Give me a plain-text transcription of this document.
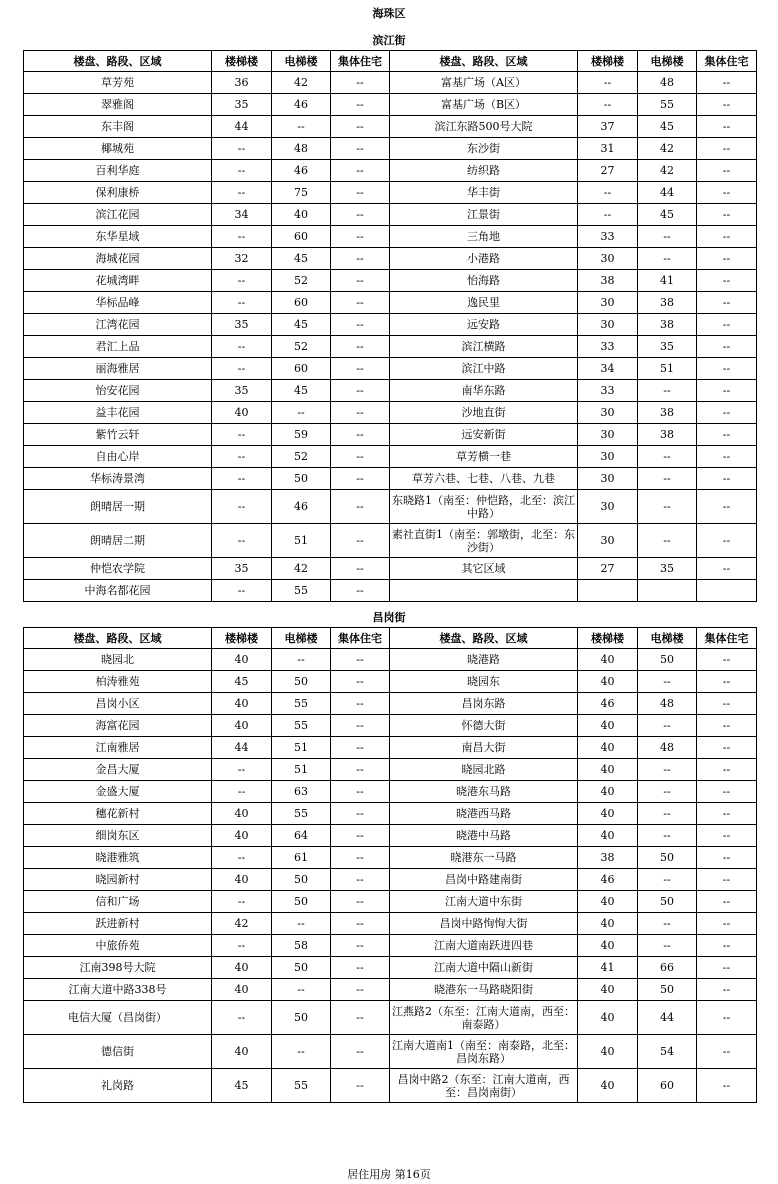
海珠区
滨江街
楼盘、路段、区域	楼梯楼	电梯楼	集体住宅	楼盘、路段、区域	楼梯楼	电梯楼	集体住宅
草芳苑	36	42	--	富基广场（A区）	--	48	--
翠雅阁	35	46	--	富基广场（B区）	--	55	--
东丰阁	44	--	--	滨江东路500号大院	37	45	--
椰城苑	--	48	--	东沙街	31	42	--
百利华庭	--	46	--	纺织路	27	42	--
保利康桥	--	75	--	华丰街	--	44	--
滨江花园	34	40	--	江景街	--	45	--
东华星域	--	60	--	三角地	33	--	--
海城花园	32	45	--	小港路	30	--	--
花城湾畔	--	52	--	怡海路	38	41	--
华标品峰	--	60	--	逸民里	30	38	--
江湾花园	35	45	--	远安路	30	38	--
君汇上品	--	52	--	滨江横路	33	35	--
丽海雅居	--	60	--	滨江中路	34	51	--
怡安花园	35	45	--	南华东路	33	--	--
益丰花园	40	--	--	沙地直街	30	38	--
紫竹云轩	--	59	--	远安新街	30	38	--
自由心岸	--	52	--	草芳横一巷	30	--	--
华标涛景湾	--	50	--	草芳六巷、七巷、八巷、九巷	30	--	--
朗晴居一期	--	46	--	东晓路1（南至：仲恺路，北至：滨江中路）	30	--	--
朗晴居二期	--	51	--	素社直街1（南至：郭墩街，北至：东沙街）	30	--	--
仲恺农学院	35	42	--	其它区域	27	35	--
中海名都花园	--	55	--				
昌岗街
楼盘、路段、区域	楼梯楼	电梯楼	集体住宅	楼盘、路段、区域	楼梯楼	电梯楼	集体住宅
晓园北	40	--	--	晓港路	40	50	--
柏涛雅苑	45	50	--	晓园东	40	--	--
昌岗小区	40	55	--	昌岗东路	46	48	--
海富花园	40	55	--	怀德大街	40	--	--
江南雅居	44	51	--	南昌大街	40	48	--
金昌大厦	--	51	--	晓园北路	40	--	--
金盛大厦	--	63	--	晓港东马路	40	--	--
穗花新村	40	55	--	晓港西马路	40	--	--
细岗东区	40	64	--	晓港中马路	40	--	--
晓港雅筑	--	61	--	晓港东一马路	38	50	--
晓园新村	40	50	--	昌岗中路建南街	46	--	--
信和广场	--	50	--	江南大道中东街	40	50	--
跃进新村	42	--	--	昌岗中路恂恂大街	40	--	--
中旅侨苑	--	58	--	江南大道南跃进四巷	40	--	--
江南398号大院	40	50	--	江南大道中隔山新街	41	66	--
江南大道中路338号	40	--	--	晓港东一马路晓阳街	40	50	--
电信大厦（昌岗街）	--	50	--	江燕路2（东至：江南大道南，西至：南泰路）	40	44	--
德信街	40	--	--	江南大道南1（南至：南泰路，北至：昌岗东路）	40	54	--
礼岗路	45	55	--	昌岗中路2（东至：江南大道南，西至：昌岗南街）	40	60	--
居住用房 第16页
